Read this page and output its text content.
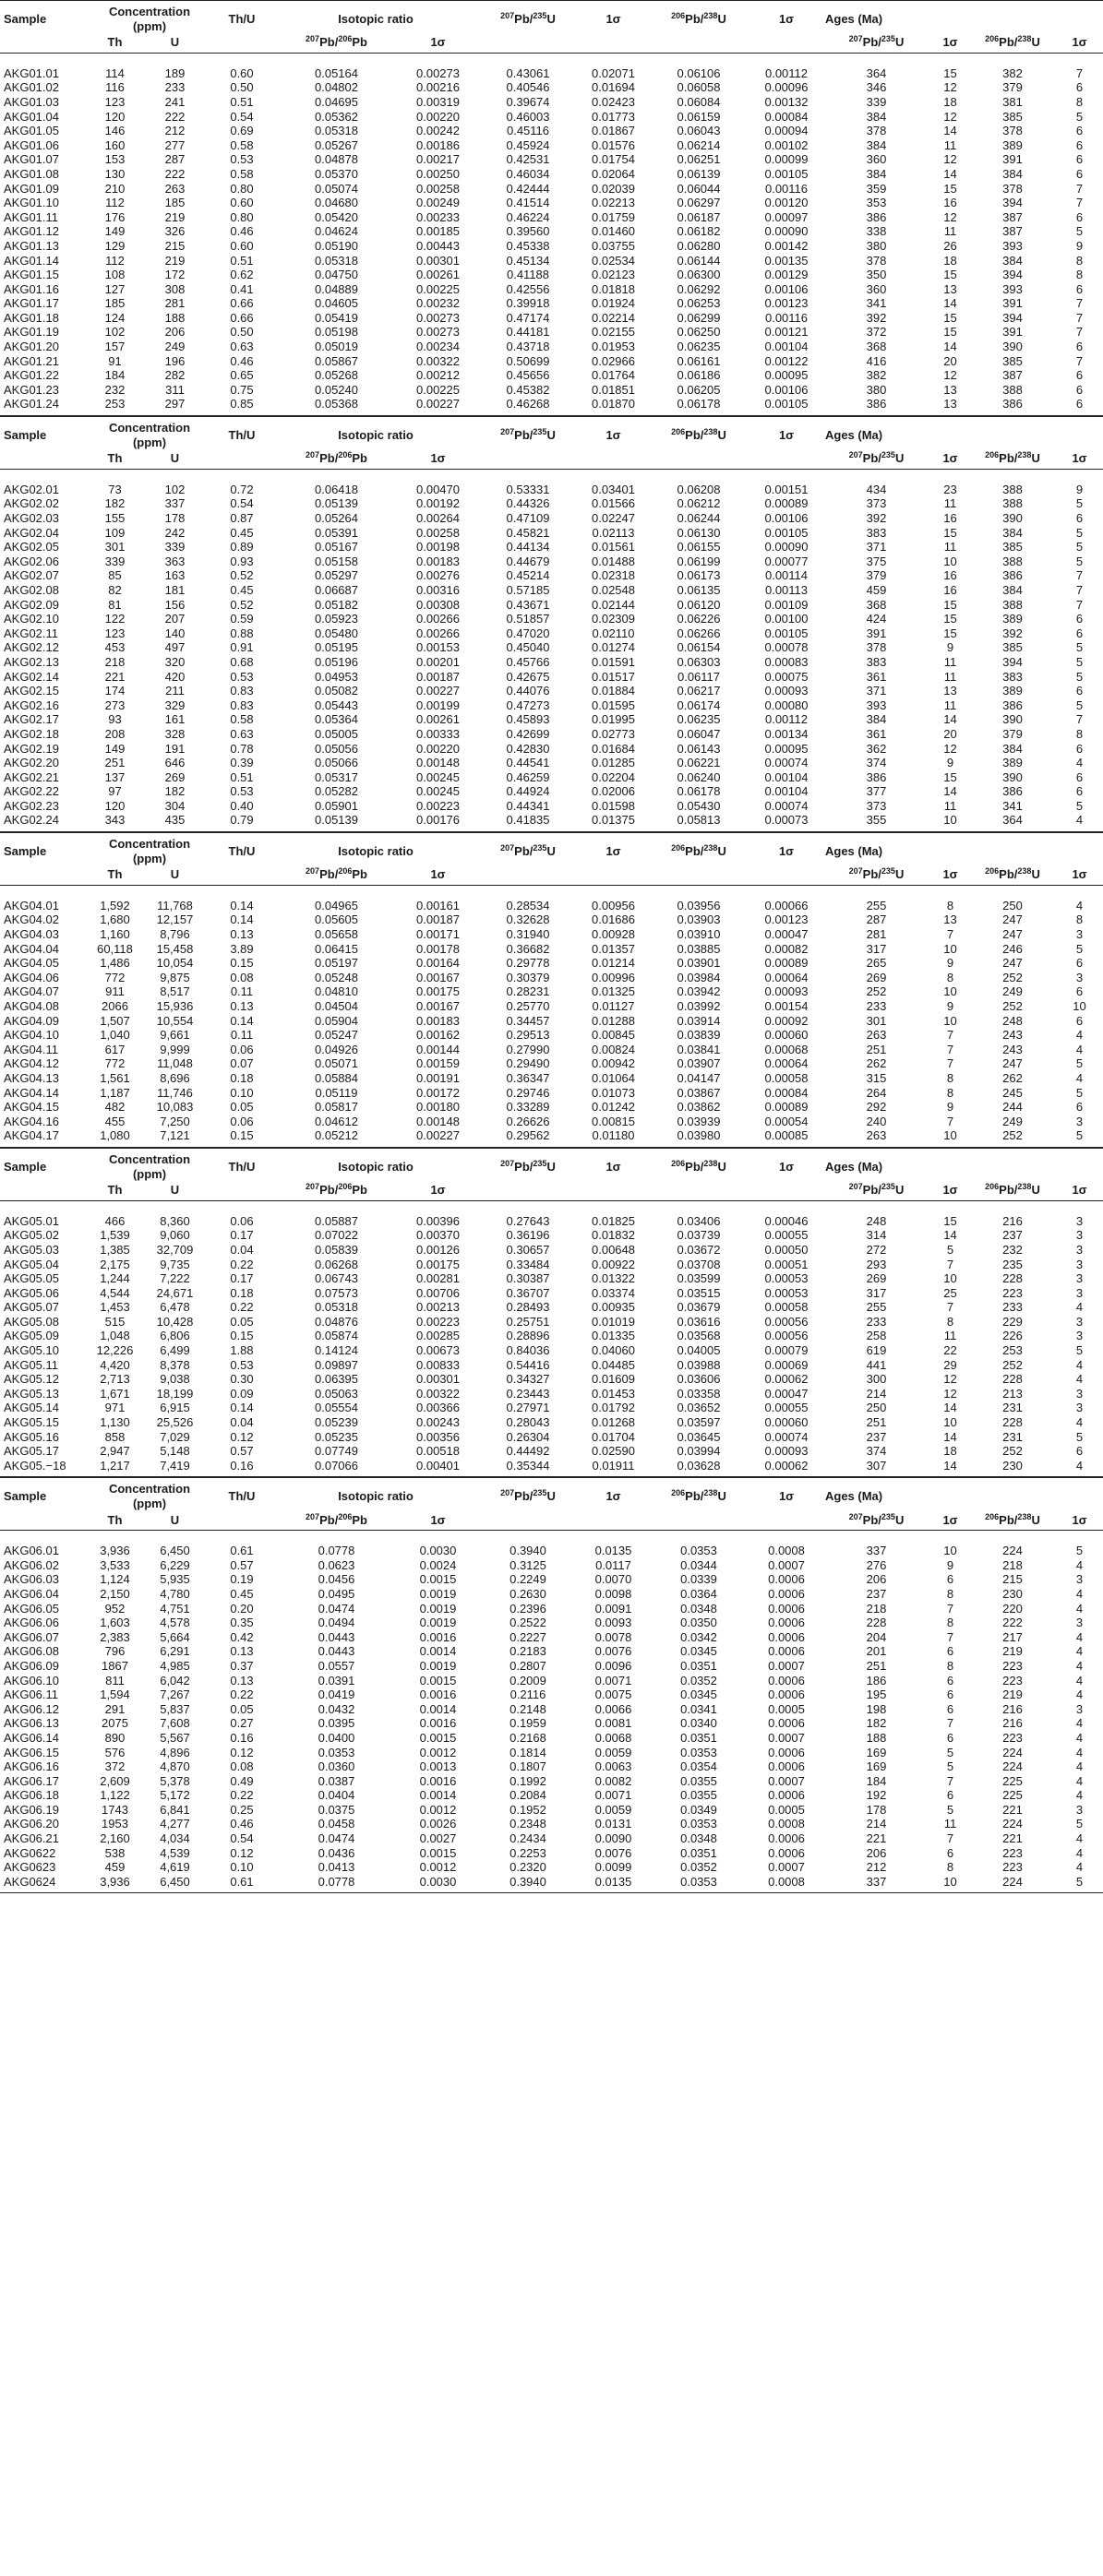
Sample	Concentration
(ppm)		Th/U	Isotopic ratio		$^{207}$Pb/$^{235}$U	1σ	$^{206}$Pb/$^{238}$U	1σ	Ages (Ma)			
	Th	U		$^{207}$Pb/$^{206}$Pb	1σ					$^{207}$Pb/$^{235}$U	1σ	$^{206}$Pb/$^{238}$U	1σ
AKG01.01	114	189	0.60	0.05164	0.00273	0.43061	0.02071	0.06106	0.00112	364	15	382	7
AKG01.02	116	233	0.50	0.04802	0.00216	0.40546	0.01694	0.06058	0.00096	346	12	379	6
AKG01.03	123	241	0.51	0.04695	0.00319	0.39674	0.02423	0.06084	0.00132	339	18	381	8
AKG01.04	120	222	0.54	0.05362	0.00220	0.46003	0.01773	0.06159	0.00084	384	12	385	5
AKG01.05	146	212	0.69	0.05318	0.00242	0.45116	0.01867	0.06043	0.00094	378	14	378	6
AKG01.06	160	277	0.58	0.05267	0.00186	0.45924	0.01576	0.06214	0.00102	384	11	389	6
AKG01.07	153	287	0.53	0.04878	0.00217	0.42531	0.01754	0.06251	0.00099	360	12	391	6
AKG01.08	130	222	0.58	0.05370	0.00250	0.46034	0.02064	0.06139	0.00105	384	14	384	6
AKG01.09	210	263	0.80	0.05074	0.00258	0.42444	0.02039	0.06044	0.00116	359	15	378	7
AKG01.10	112	185	0.60	0.04680	0.00249	0.41514	0.02213	0.06297	0.00120	353	16	394	7
AKG01.11	176	219	0.80	0.05420	0.00233	0.46224	0.01759	0.06187	0.00097	386	12	387	6
AKG01.12	149	326	0.46	0.04624	0.00185	0.39560	0.01460	0.06182	0.00090	338	11	387	5
AKG01.13	129	215	0.60	0.05190	0.00443	0.45338	0.03755	0.06280	0.00142	380	26	393	9
AKG01.14	112	219	0.51	0.05318	0.00301	0.45134	0.02534	0.06144	0.00135	378	18	384	8
AKG01.15	108	172	0.62	0.04750	0.00261	0.41188	0.02123	0.06300	0.00129	350	15	394	8
AKG01.16	127	308	0.41	0.04889	0.00225	0.42556	0.01818	0.06292	0.00106	360	13	393	6
AKG01.17	185	281	0.66	0.04605	0.00232	0.39918	0.01924	0.06253	0.00123	341	14	391	7
AKG01.18	124	188	0.66	0.05419	0.00273	0.47174	0.02214	0.06299	0.00116	392	15	394	7
AKG01.19	102	206	0.50	0.05198	0.00273	0.44181	0.02155	0.06250	0.00121	372	15	391	7
AKG01.20	157	249	0.63	0.05019	0.00234	0.43718	0.01953	0.06235	0.00104	368	14	390	6
AKG01.21	91	196	0.46	0.05867	0.00322	0.50699	0.02966	0.06161	0.00122	416	20	385	7
AKG01.22	184	282	0.65	0.05268	0.00212	0.45656	0.01764	0.06186	0.00095	382	12	387	6
AKG01.23	232	311	0.75	0.05240	0.00225	0.45382	0.01851	0.06205	0.00106	380	13	388	6
AKG01.24	253	297	0.85	0.05368	0.00227	0.46268	0.01870	0.06178	0.00105	386	13	386	6
Sample	Concentration
(ppm)		Th/U	Isotopic ratio		$^{207}$Pb/$^{235}$U	1σ	$^{206}$Pb/$^{238}$U	1σ	Ages (Ma)			
	Th	U		$^{207}$Pb/$^{206}$Pb	1σ					$^{207}$Pb/$^{235}$U	1σ	$^{206}$Pb/$^{238}$U	1σ
AKG02.01	73	102	0.72	0.06418	0.00470	0.53331	0.03401	0.06208	0.00151	434	23	388	9
AKG02.02	182	337	0.54	0.05139	0.00192	0.44326	0.01566	0.06212	0.00089	373	11	388	5
AKG02.03	155	178	0.87	0.05264	0.00264	0.47109	0.02247	0.06244	0.00106	392	16	390	6
AKG02.04	109	242	0.45	0.05391	0.00258	0.45821	0.02113	0.06130	0.00105	383	15	384	5
AKG02.05	301	339	0.89	0.05167	0.00198	0.44134	0.01561	0.06155	0.00090	371	11	385	5
AKG02.06	339	363	0.93	0.05158	0.00183	0.44679	0.01488	0.06199	0.00077	375	10	388	5
AKG02.07	85	163	0.52	0.05297	0.00276	0.45214	0.02318	0.06173	0.00114	379	16	386	7
AKG02.08	82	181	0.45	0.06687	0.00316	0.57185	0.02548	0.06135	0.00113	459	16	384	7
AKG02.09	81	156	0.52	0.05182	0.00308	0.43671	0.02144	0.06120	0.00109	368	15	388	7
AKG02.10	122	207	0.59	0.05923	0.00266	0.51857	0.02309	0.06226	0.00100	424	15	389	6
AKG02.11	123	140	0.88	0.05480	0.00266	0.47020	0.02110	0.06266	0.00105	391	15	392	6
AKG02.12	453	497	0.91	0.05195	0.00153	0.45040	0.01274	0.06154	0.00078	378	9	385	5
AKG02.13	218	320	0.68	0.05196	0.00201	0.45766	0.01591	0.06303	0.00083	383	11	394	5
AKG02.14	221	420	0.53	0.04953	0.00187	0.42675	0.01517	0.06117	0.00075	361	11	383	5
AKG02.15	174	211	0.83	0.05082	0.00227	0.44076	0.01884	0.06217	0.00093	371	13	389	6
AKG02.16	273	329	0.83	0.05443	0.00199	0.47273	0.01595	0.06174	0.00080	393	11	386	5
AKG02.17	93	161	0.58	0.05364	0.00261	0.45893	0.01995	0.06235	0.00112	384	14	390	7
AKG02.18	208	328	0.63	0.05005	0.00333	0.42699	0.02773	0.06047	0.00134	361	20	379	8
AKG02.19	149	191	0.78	0.05056	0.00220	0.42830	0.01684	0.06143	0.00095	362	12	384	6
AKG02.20	251	646	0.39	0.05066	0.00148	0.44541	0.01285	0.06221	0.00074	374	9	389	4
AKG02.21	137	269	0.51	0.05317	0.00245	0.46259	0.02204	0.06240	0.00104	386	15	390	6
AKG02.22	97	182	0.53	0.05282	0.00245	0.44924	0.02006	0.06178	0.00104	377	14	386	6
AKG02.23	120	304	0.40	0.05901	0.00223	0.44341	0.01598	0.05430	0.00074	373	11	341	5
AKG02.24	343	435	0.79	0.05139	0.00176	0.41835	0.01375	0.05813	0.00073	355	10	364	4
Sample	Concentration
(ppm)		Th/U	Isotopic ratio		$^{207}$Pb/$^{235}$U	1σ	$^{206}$Pb/$^{238}$U	1σ	Ages (Ma)			
	Th	U		$^{207}$Pb/$^{206}$Pb	1σ					$^{207}$Pb/$^{235}$U	1σ	$^{206}$Pb/$^{238}$U	1σ
AKG04.01	1,592	11,768	0.14	0.04965	0.00161	0.28534	0.00956	0.03956	0.00066	255	8	250	4
AKG04.02	1,680	12,157	0.14	0.05605	0.00187	0.32628	0.01686	0.03903	0.00123	287	13	247	8
AKG04.03	1,160	8,796	0.13	0.05658	0.00171	0.31940	0.00928	0.03910	0.00047	281	7	247	3
AKG04.04	60,118	15,458	3.89	0.06415	0.00178	0.36682	0.01357	0.03885	0.00082	317	10	246	5
AKG04.05	1,486	10,054	0.15	0.05197	0.00164	0.29778	0.01214	0.03901	0.00089	265	9	247	6
AKG04.06	772	9,875	0.08	0.05248	0.00167	0.30379	0.00996	0.03984	0.00064	269	8	252	3
AKG04.07	911	8,517	0.11	0.04810	0.00175	0.28231	0.01325	0.03942	0.00093	252	10	249	6
AKG04.08	2066	15,936	0.13	0.04504	0.00167	0.25770	0.01127	0.03992	0.00154	233	9	252	10
AKG04.09	1,507	10,554	0.14	0.05904	0.00183	0.34457	0.01288	0.03914	0.00092	301	10	248	6
AKG04.10	1,040	9,661	0.11	0.05247	0.00162	0.29513	0.00845	0.03839	0.00060	263	7	243	4
AKG04.11	617	9,999	0.06	0.04926	0.00144	0.27990	0.00824	0.03841	0.00068	251	7	243	4
AKG04.12	772	11,048	0.07	0.05071	0.00159	0.29490	0.00942	0.03907	0.00064	262	7	247	5
AKG04.13	1,561	8,696	0.18	0.05884	0.00191	0.36347	0.01064	0.04147	0.00058	315	8	262	4
AKG04.14	1,187	11,746	0.10	0.05119	0.00172	0.29746	0.01073	0.03867	0.00084	264	8	245	5
AKG04.15	482	10,083	0.05	0.05817	0.00180	0.33289	0.01242	0.03862	0.00089	292	9	244	6
AKG04.16	455	7,250	0.06	0.04612	0.00148	0.26626	0.00815	0.03939	0.00054	240	7	249	3
AKG04.17	1,080	7,121	0.15	0.05212	0.00227	0.29562	0.01180	0.03980	0.00085	263	10	252	5
Sample	Concentration
(ppm)		Th/U	Isotopic ratio		$^{207}$Pb/$^{235}$U	1σ	$^{206}$Pb/$^{238}$U	1σ	Ages (Ma)			
	Th	U		$^{207}$Pb/$^{206}$Pb	1σ					$^{207}$Pb/$^{235}$U	1σ	$^{206}$Pb/$^{238}$U	1σ
AKG05.01	466	8,360	0.06	0.05887	0.00396	0.27643	0.01825	0.03406	0.00046	248	15	216	3
AKG05.02	1,539	9,060	0.17	0.07022	0.00370	0.36196	0.01832	0.03739	0.00055	314	14	237	3
AKG05.03	1,385	32,709	0.04	0.05839	0.00126	0.30657	0.00648	0.03672	0.00050	272	5	232	3
AKG05.04	2,175	9,735	0.22	0.06268	0.00175	0.33484	0.00922	0.03708	0.00051	293	7	235	3
AKG05.05	1,244	7,222	0.17	0.06743	0.00281	0.30387	0.01322	0.03599	0.00053	269	10	228	3
AKG05.06	4,544	24,671	0.18	0.07573	0.00706	0.36707	0.03374	0.03515	0.00053	317	25	223	3
AKG05.07	1,453	6,478	0.22	0.05318	0.00213	0.28493	0.00935	0.03679	0.00058	255	7	233	4
AKG05.08	515	10,428	0.05	0.04876	0.00223	0.25751	0.01019	0.03616	0.00056	233	8	229	3
AKG05.09	1,048	6,806	0.15	0.05874	0.00285	0.28896	0.01335	0.03568	0.00056	258	11	226	3
AKG05.10	12,226	6,499	1.88	0.14124	0.00673	0.84036	0.04060	0.04005	0.00079	619	22	253	5
AKG05.11	4,420	8,378	0.53	0.09897	0.00833	0.54416	0.04485	0.03988	0.00069	441	29	252	4
AKG05.12	2,713	9,038	0.30	0.06395	0.00301	0.34327	0.01609	0.03606	0.00062	300	12	228	4
AKG05.13	1,671	18,199	0.09	0.05063	0.00322	0.23443	0.01453	0.03358	0.00047	214	12	213	3
AKG05.14	971	6,915	0.14	0.05554	0.00366	0.27971	0.01792	0.03652	0.00055	250	14	231	3
AKG05.15	1,130	25,526	0.04	0.05239	0.00243	0.28043	0.01268	0.03597	0.00060	251	10	228	4
AKG05.16	858	7,029	0.12	0.05235	0.00356	0.26304	0.01704	0.03645	0.00074	237	14	231	5
AKG05.17	2,947	5,148	0.57	0.07749	0.00518	0.44492	0.02590	0.03994	0.00093	374	18	252	6
AKG05.−18	1,217	7,419	0.16	0.07066	0.00401	0.35344	0.01911	0.03628	0.00062	307	14	230	4
Sample	Concentration
(ppm)		Th/U	Isotopic ratio		$^{207}$Pb/$^{235}$U	1σ	$^{206}$Pb/$^{238}$U	1σ	Ages (Ma)			
	Th	U		$^{207}$Pb/$^{206}$Pb	1σ					$^{207}$Pb/$^{235}$U	1σ	$^{206}$Pb/$^{238}$U	1σ
AKG06.01	3,936	6,450	0.61	0.0778	0.0030	0.3940	0.0135	0.0353	0.0008	337	10	224	5
AKG06.02	3,533	6,229	0.57	0.0623	0.0024	0.3125	0.0117	0.0344	0.0007	276	9	218	4
AKG06.03	1,124	5,935	0.19	0.0456	0.0015	0.2249	0.0070	0.0339	0.0006	206	6	215	3
AKG06.04	2,150	4,780	0.45	0.0495	0.0019	0.2630	0.0098	0.0364	0.0006	237	8	230	4
AKG06.05	952	4,751	0.20	0.0474	0.0019	0.2396	0.0091	0.0348	0.0006	218	7	220	4
AKG06.06	1,603	4,578	0.35	0.0494	0.0019	0.2522	0.0093	0.0350	0.0006	228	8	222	3
AKG06.07	2,383	5,664	0.42	0.0443	0.0016	0.2227	0.0078	0.0342	0.0006	204	7	217	4
AKG06.08	796	6,291	0.13	0.0443	0.0014	0.2183	0.0076	0.0345	0.0006	201	6	219	4
AKG06.09	1867	4,985	0.37	0.0557	0.0019	0.2807	0.0096	0.0351	0.0007	251	8	223	4
AKG06.10	811	6,042	0.13	0.0391	0.0015	0.2009	0.0071	0.0352	0.0006	186	6	223	4
AKG06.11	1,594	7,267	0.22	0.0419	0.0016	0.2116	0.0075	0.0345	0.0006	195	6	219	4
AKG06.12	291	5,837	0.05	0.0432	0.0014	0.2148	0.0066	0.0341	0.0005	198	6	216	3
AKG06.13	2075	7,608	0.27	0.0395	0.0016	0.1959	0.0081	0.0340	0.0006	182	7	216	4
AKG06.14	890	5,567	0.16	0.0400	0.0015	0.2168	0.0068	0.0351	0.0007	188	6	223	4
AKG06.15	576	4,896	0.12	0.0353	0.0012	0.1814	0.0059	0.0353	0.0006	169	5	224	4
AKG06.16	372	4,870	0.08	0.0360	0.0013	0.1807	0.0063	0.0354	0.0006	169	5	224	4
AKG06.17	2,609	5,378	0.49	0.0387	0.0016	0.1992	0.0082	0.0355	0.0007	184	7	225	4
AKG06.18	1,122	5,172	0.22	0.0404	0.0014	0.2084	0.0071	0.0355	0.0006	192	6	225	4
AKG06.19	1743	6,841	0.25	0.0375	0.0012	0.1952	0.0059	0.0349	0.0005	178	5	221	3
AKG06.20	1953	4,277	0.46	0.0458	0.0026	0.2348	0.0131	0.0353	0.0008	214	11	224	5
AKG06.21	2,160	4,034	0.54	0.0474	0.0027	0.2434	0.0090	0.0348	0.0006	221	7	221	4
AKG0622	538	4,539	0.12	0.0436	0.0015	0.2253	0.0076	0.0351	0.0006	206	6	223	4
AKG0623	459	4,619	0.10	0.0413	0.0012	0.2320	0.0099	0.0352	0.0007	212	8	223	4
AKG0624	3,936	6,450	0.61	0.0778	0.0030	0.3940	0.0135	0.0353	0.0008	337	10	224	5
